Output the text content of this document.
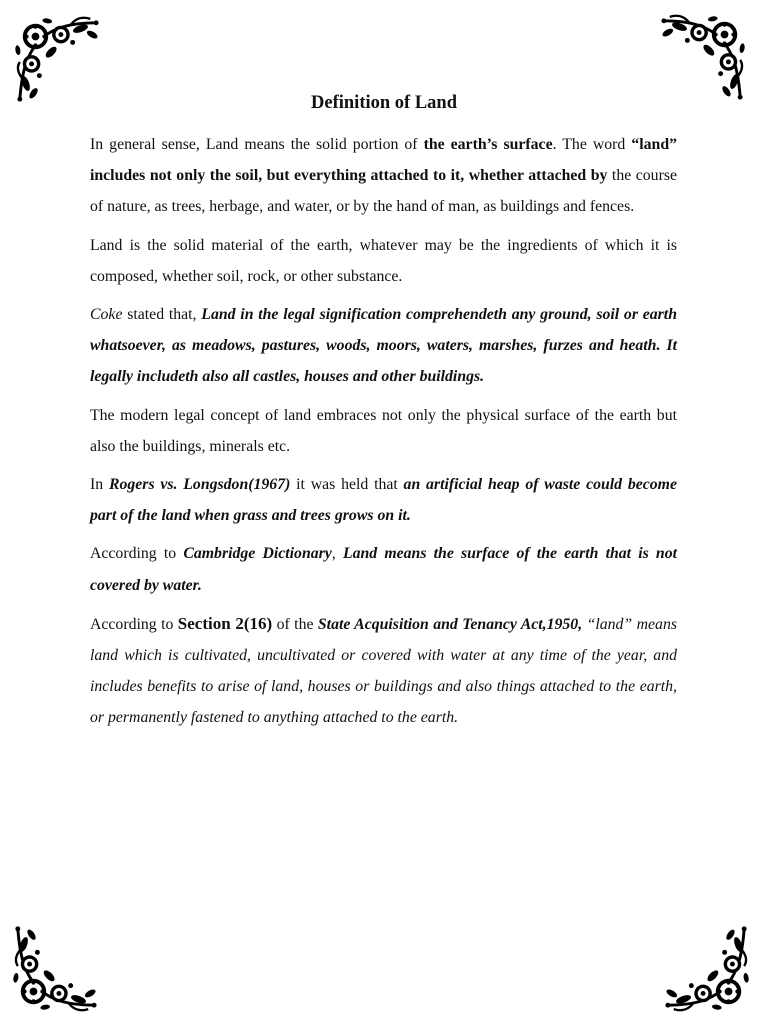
Definition of Land

In general sense, Land means the solid portion of the earth’s surface. The word “land” includes not only the soil, but everything attached to it, whether attached by the course of nature, as trees, herbage, and water, or by the hand of man, as buildings and fences.

Land is the solid material of the earth, whatever may be the ingredients of which it is composed, whether soil, rock, or other substance.

Coke stated that, Land in the legal signification comprehendeth any ground, soil or earth whatsoever, as meadows, pastures, woods, moors, waters, marshes, furzes and heath. It legally includeth also all castles, houses and other buildings.

The modern legal concept of land embraces not only the physical surface of the earth but also the buildings, minerals etc.

In Rogers vs. Longsdon(1967) it was held that an artificial heap of waste could become part of the land when grass and trees grows on it.

According to Cambridge Dictionary, Land means the surface of the earth that is not covered by water.

According to Section 2(16) of the State Acquisition and Tenancy Act,1950, “land” means land which is cultivated, uncultivated or covered with water at any time of the year, and includes benefits to arise of land, houses or buildings and also things attached to the earth, or permanently fastened to anything attached to the earth.
